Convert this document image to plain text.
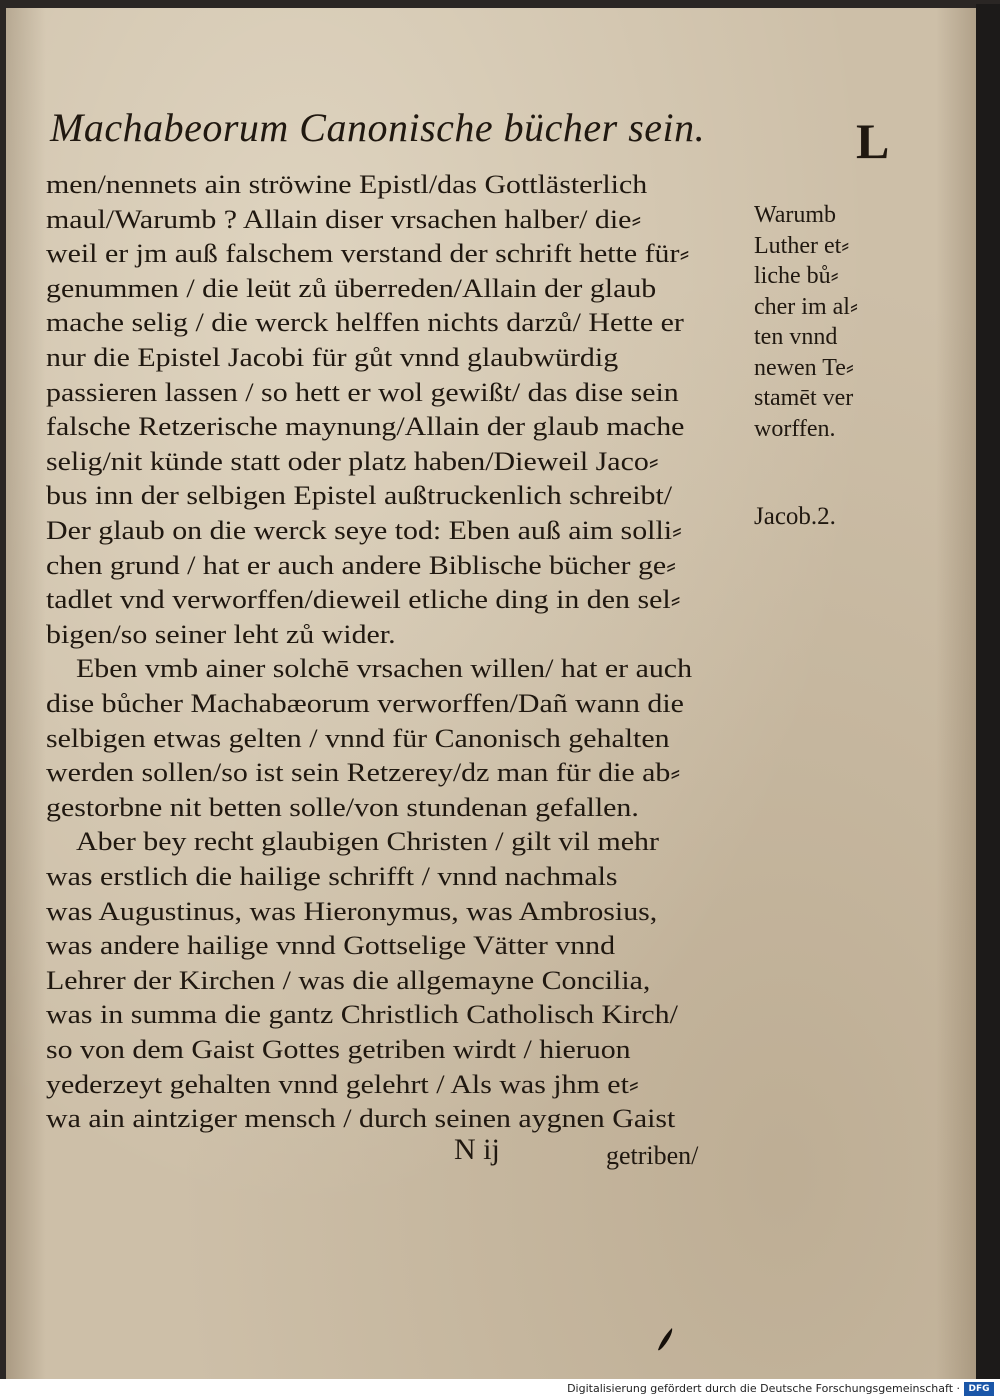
Machabeorum Canonische bücher sein.	L
men/nennets ain ströwine Epistl/das Gottlästerlich
maul/Warumb ? Allain diser vrsachen halber/ die⸗
weil er jm auß falschem verstand der schrift hette für⸗
genummen / die leüt zů überreden/Allain der glaub
mache selig / die werck helffen nichts darzů/ Hette er
nur die Epistel Jacobi für gůt vnnd glaubwürdig
passieren lassen / so hett er wol gewißt/ das dise sein
falsche Retzerische maynung/Allain der glaub mache
selig/nit künde statt oder platz haben/Dieweil Jaco⸗
bus inn der selbigen Epistel außtruckenlich schreibt/
Der glaub on die werck seye tod: Eben auß aim solli⸗
chen grund / hat er auch andere Biblische bücher ge⸗
tadlet vnd verworffen/dieweil etliche ding in den sel⸗
bigen/so seiner leht zů wider.
Eben vmb ainer solchē vrsachen willen/ hat er auch
dise bůcher Machabæorum verworffen/Dañ wann die
selbigen etwas gelten / vnnd für Canonisch gehalten
werden sollen/so ist sein Retzerey/dz man für die ab⸗
gestorbne nit betten solle/von stundenan gefallen.
Aber bey recht glaubigen Christen / gilt vil mehr
was erstlich die hailige schrifft / vnnd nachmals
was Augustinus, was Hieronymus, was Ambrosius,
was andere hailige vnnd Gottselige Vätter vnnd
Lehrer der Kirchen / was die allgemayne Concilia,
was in summa die gantz Christlich Catholisch Kirch/
so von dem Gaist Gottes getriben wirdt / hieruon
yederzeyt gehalten vnnd gelehrt / Als was jhm et⸗
wa ain aintziger mensch / durch seinen aygnen Gaist
Warumb
Luther et⸗
liche bů⸗
cher im al⸗
ten vnnd
newen Te⸗
stamēt ver
worffen.
Jacob.2.
N ij	getriben/
Digitalisierung gefördert durch die Deutsche Forschungsgemeinschaft · DFG
